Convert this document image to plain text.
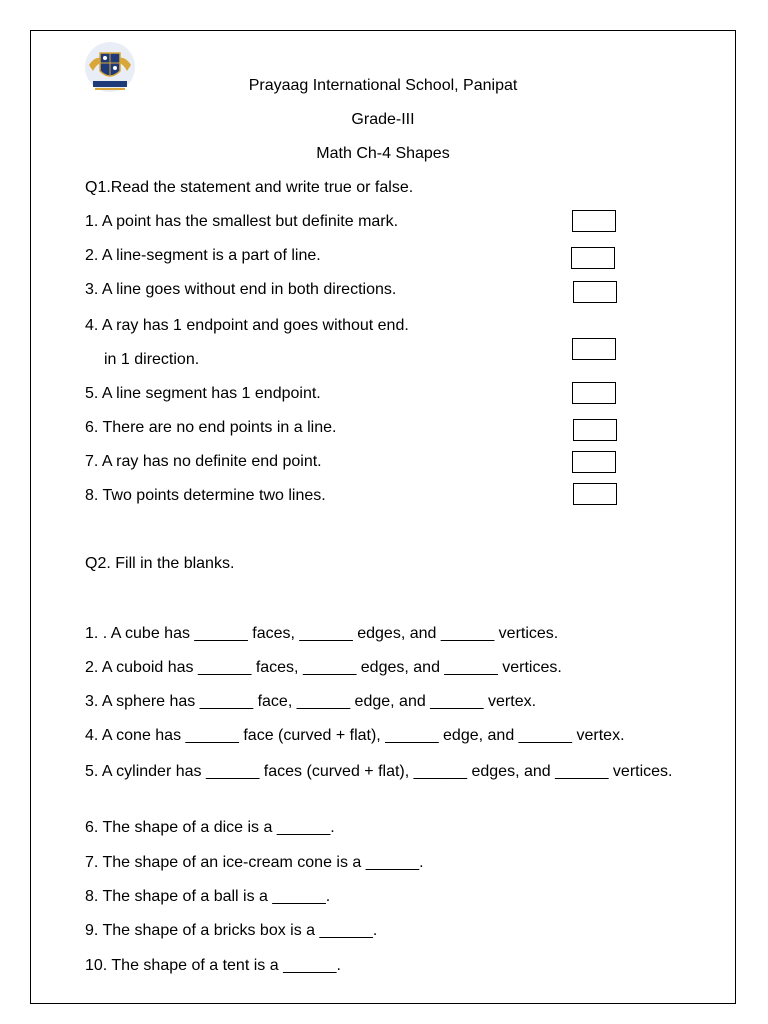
Prayaag International School, Panipat
Grade-III
Math Ch-4 Shapes
Q1.Read the statement and write true or false.
1. A point has the smallest but definite mark.
2. A line-segment is a part of line.
3. A line goes without end in both directions.
4. A ray has 1 endpoint and goes without end.
in 1 direction.
5. A line segment has 1 endpoint.
6. There are no end points in a line.
7. A ray has no definite end point.
8. Two points determine two lines.
Q2. Fill in the blanks.
1. . A cube has ______ faces, ______ edges, and ______ vertices.
2. A cuboid has ______ faces, ______ edges, and ______ vertices.
3. A sphere has ______ face, ______ edge, and ______ vertex.
4. A cone has ______ face (curved + flat), ______ edge, and ______ vertex.
5. A cylinder has ______ faces (curved + flat), ______ edges, and ______ vertices.
6. The shape of a dice is a ______.
7. The shape of an ice-cream cone is a ______.
8. The shape of a ball is a ______.
9. The shape of a bricks box is a ______.
10. The shape of a tent is a ______.
